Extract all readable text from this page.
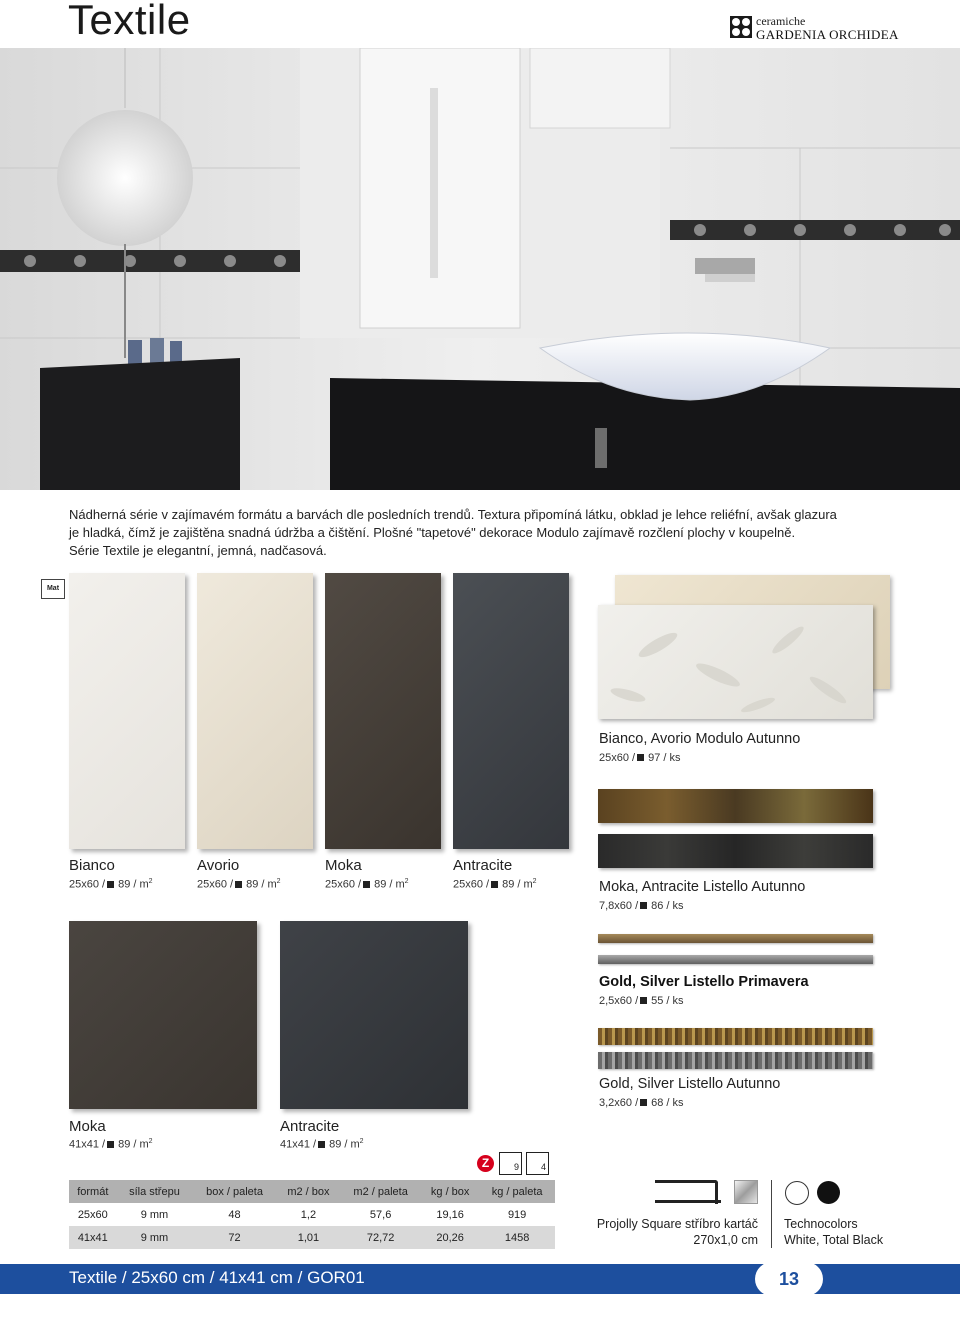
Textile	ceramiche
GARDENIA ORCHIDEA

Nádherná série v zajímavém formátu a barvách dle posledních trendů. Textura připomíná látku, obklad je lehce reliéfní, avšak glazura

je hladká, čímž je zajištěna snadná údržba a čištění. Plošné "tapetové" dekorace Modulo zajímavě rozčlení plochy v koupelně.

Série Textile je elegantní, jemná, nadčasová.

Mat
Bianco
$25x60 / 89 / m^2$
Avorio
$25x60 / 89 / m^2$
Moka
$25x60 / 89 / m^2$
Antracite
$25x60 / 89 / m^2$
Bianco, Avorio Modulo Autunno
25x60 / 97 / ks
Moka, Antracite Listello Autunno
7,8x60 / 86 / ks
Gold, Silver Listello Primavera
2,5x60 / 55 / ks
Gold, Silver Listello Autunno
3,2x60 / 68 / ks
Moka
$41x41 / 89 / m^2$
Antracite
$41x41 / 89 / m^2$
Z	9	4
formát	síla střepu	box / paleta	m2 / box	m2 / paleta	kg / box	kg / paleta
25x60	9 mm	48	1,2	57,6	19,16	919
41x41	9 mm	72	1,01	72,72	20,26	1458
Projolly Square stříbro kartáč
270x1,0 cm
Technocolors
White, Total Black
Textile / 25x60 cm / 41x41 cm / GOR01	13
